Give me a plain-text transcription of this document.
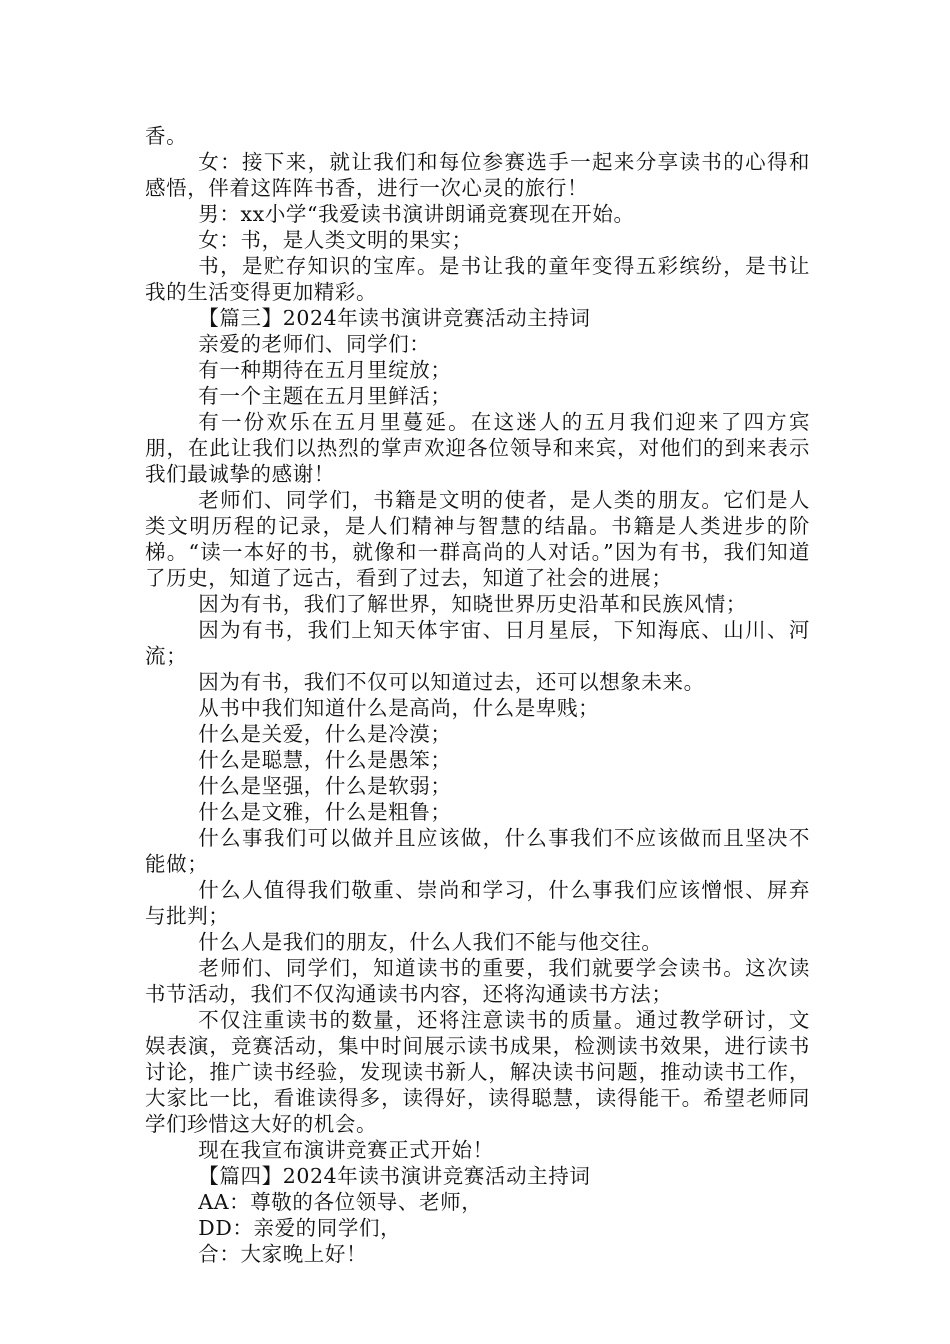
香。

女：接下来，就让我们和每位参赛选手一起来分享读书的心得和感悟，伴着这阵阵书香，进行一次心灵的旅行！

男：xx小学“我爱读书演讲朗诵竞赛现在开始。

女：书，是人类文明的果实；

书，是贮存知识的宝库。是书让我的童年变得五彩缤纷，是书让我的生活变得更加精彩。

【篇三】2024年读书演讲竞赛活动主持词

亲爱的老师们、同学们：

有一种期待在五月里绽放；

有一个主题在五月里鲜活；

有一份欢乐在五月里蔓延。在这迷人的五月我们迎来了四方宾朋，在此让我们以热烈的掌声欢迎各位领导和来宾，对他们的到来表示我们最诚挚的感谢！

老师们、同学们，书籍是文明的使者，是人类的朋友。它们是人类文明历程的记录，是人们精神与智慧的结晶。书籍是人类进步的阶梯。“读一本好的书，就像和一群高尚的人对话。”因为有书，我们知道了历史，知道了远古，看到了过去，知道了社会的进展；

因为有书，我们了解世界，知晓世界历史沿革和民族风情；

因为有书，我们上知天体宇宙、日月星辰，下知海底、山川、河流；

因为有书，我们不仅可以知道过去，还可以想象未来。

从书中我们知道什么是高尚，什么是卑贱；

什么是关爱，什么是冷漠；

什么是聪慧，什么是愚笨；

什么是坚强，什么是软弱；

什么是文雅，什么是粗鲁；

什么事我们可以做并且应该做，什么事我们不应该做而且坚决不能做；

什么人值得我们敬重、崇尚和学习，什么事我们应该憎恨、屏弃与批判；

什么人是我们的朋友，什么人我们不能与他交往。

老师们、同学们，知道读书的重要，我们就要学会读书。这次读书节活动，我们不仅沟通读书内容，还将沟通读书方法；

不仅注重读书的数量，还将注意读书的质量。通过教学研讨，文娱表演，竞赛活动，集中时间展示读书成果，检测读书效果，进行读书讨论，推广读书经验，发现读书新人，解决读书问题，推动读书工作，大家比一比，看谁读得多，读得好，读得聪慧，读得能干。希望老师同学们珍惜这大好的机会。

现在我宣布演讲竞赛正式开始！

【篇四】2024年读书演讲竞赛活动主持词

AA：尊敬的各位领导、老师，

DD：亲爱的同学们，

合：大家晚上好！
